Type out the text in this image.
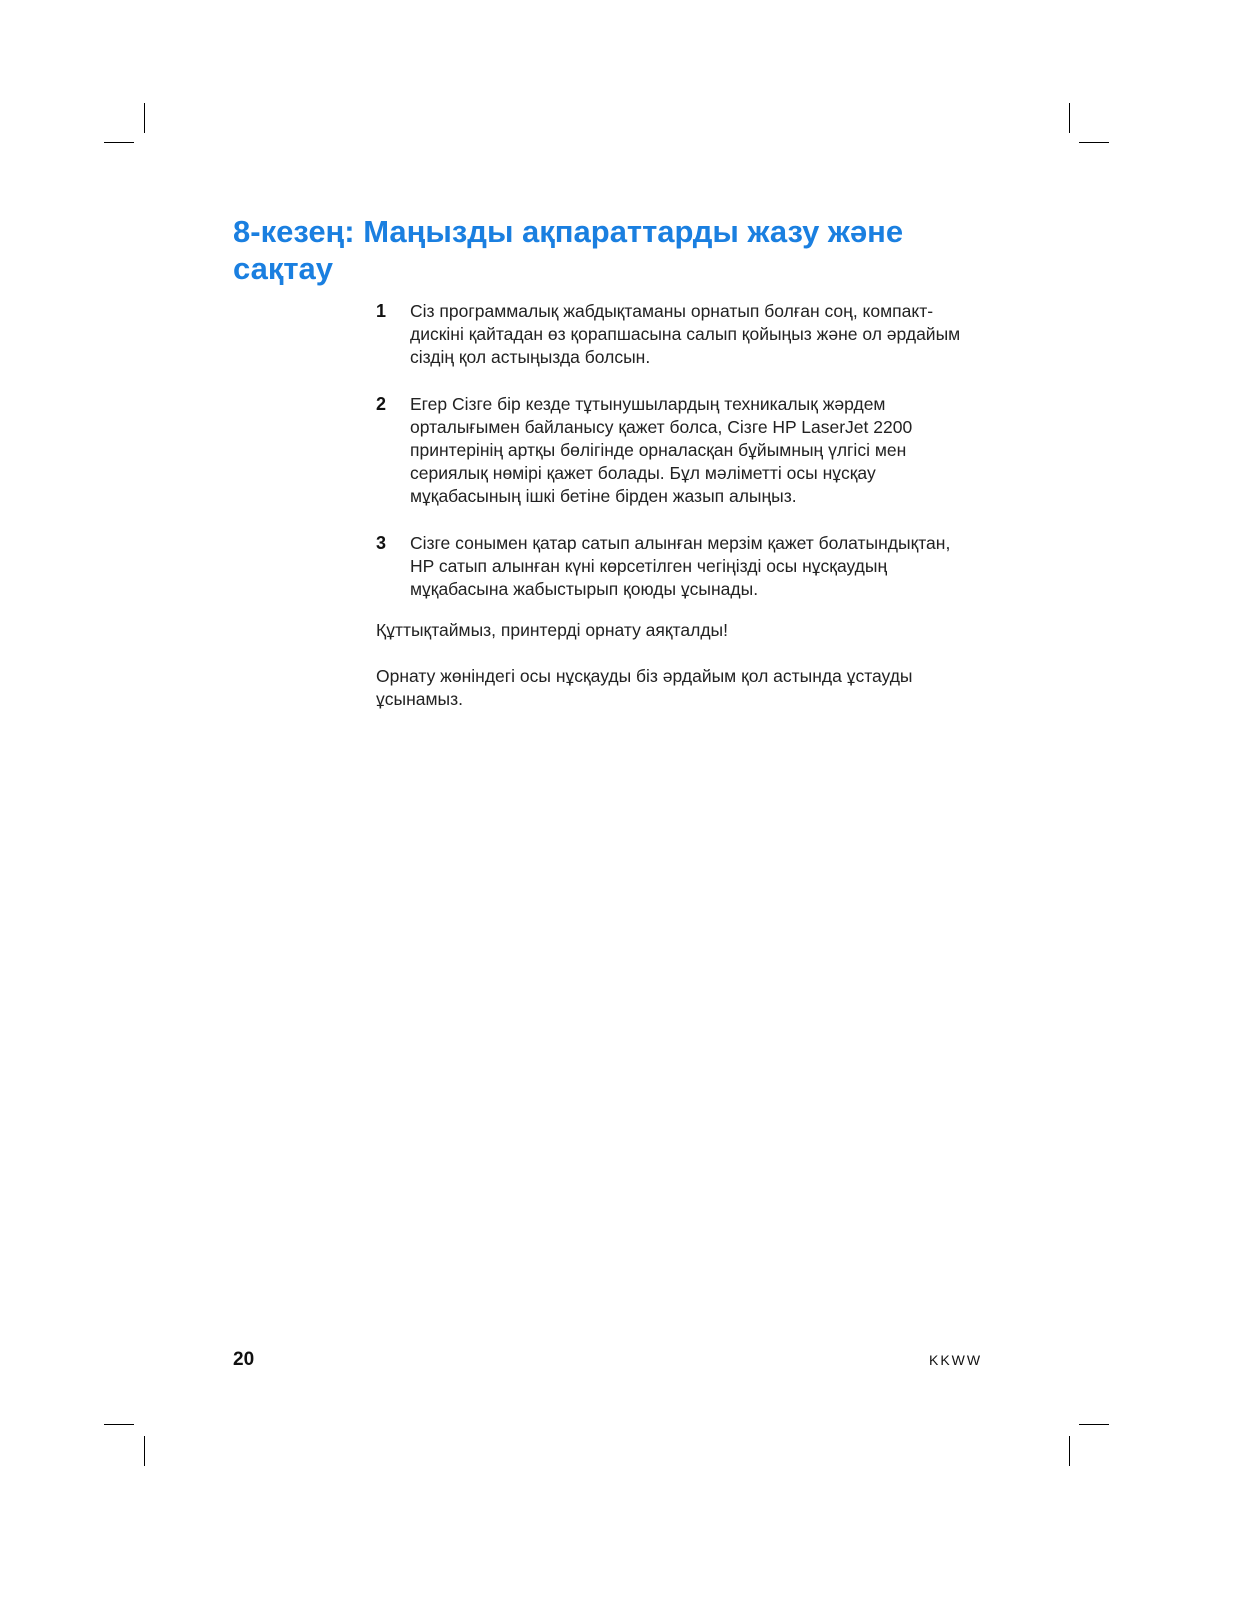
8-кезең: Маңызды ақпараттарды жазу және сақтау
1	Сіз программалық жабдықтаманы орнатып болған соң, компакт-дискіні қайтадан өз қорапшасына салып қойыңыз және ол әрдайым сіздің қол астыңызда болсын.
2	Егер Сізге бір кезде тұтынушылардың техникалық жәрдем орталығымен байланысу қажет болса, Сізге HP LaserJet 2200 принтерінің артқы бөлігінде орналасқан бұйымның үлгісі мен сериялық нөмірі қажет болады. Бұл мәліметті осы нұсқау мұқабасының ішкі бетіне бірден жазып алыңыз.
3	Сізге сонымен қатар сатып алынған мерзім қажет болатындықтан, HP сатып алынған күні көрсетілген чегіңізді осы нұсқаудың мұқабасына жабыстырып қоюды ұсынады.

Құттықтаймыз, принтерді орнату аяқталды!

Орнату жөніндегі осы нұсқауды біз әрдайым қол астында ұстауды ұсынамыз.

20	KKWW
